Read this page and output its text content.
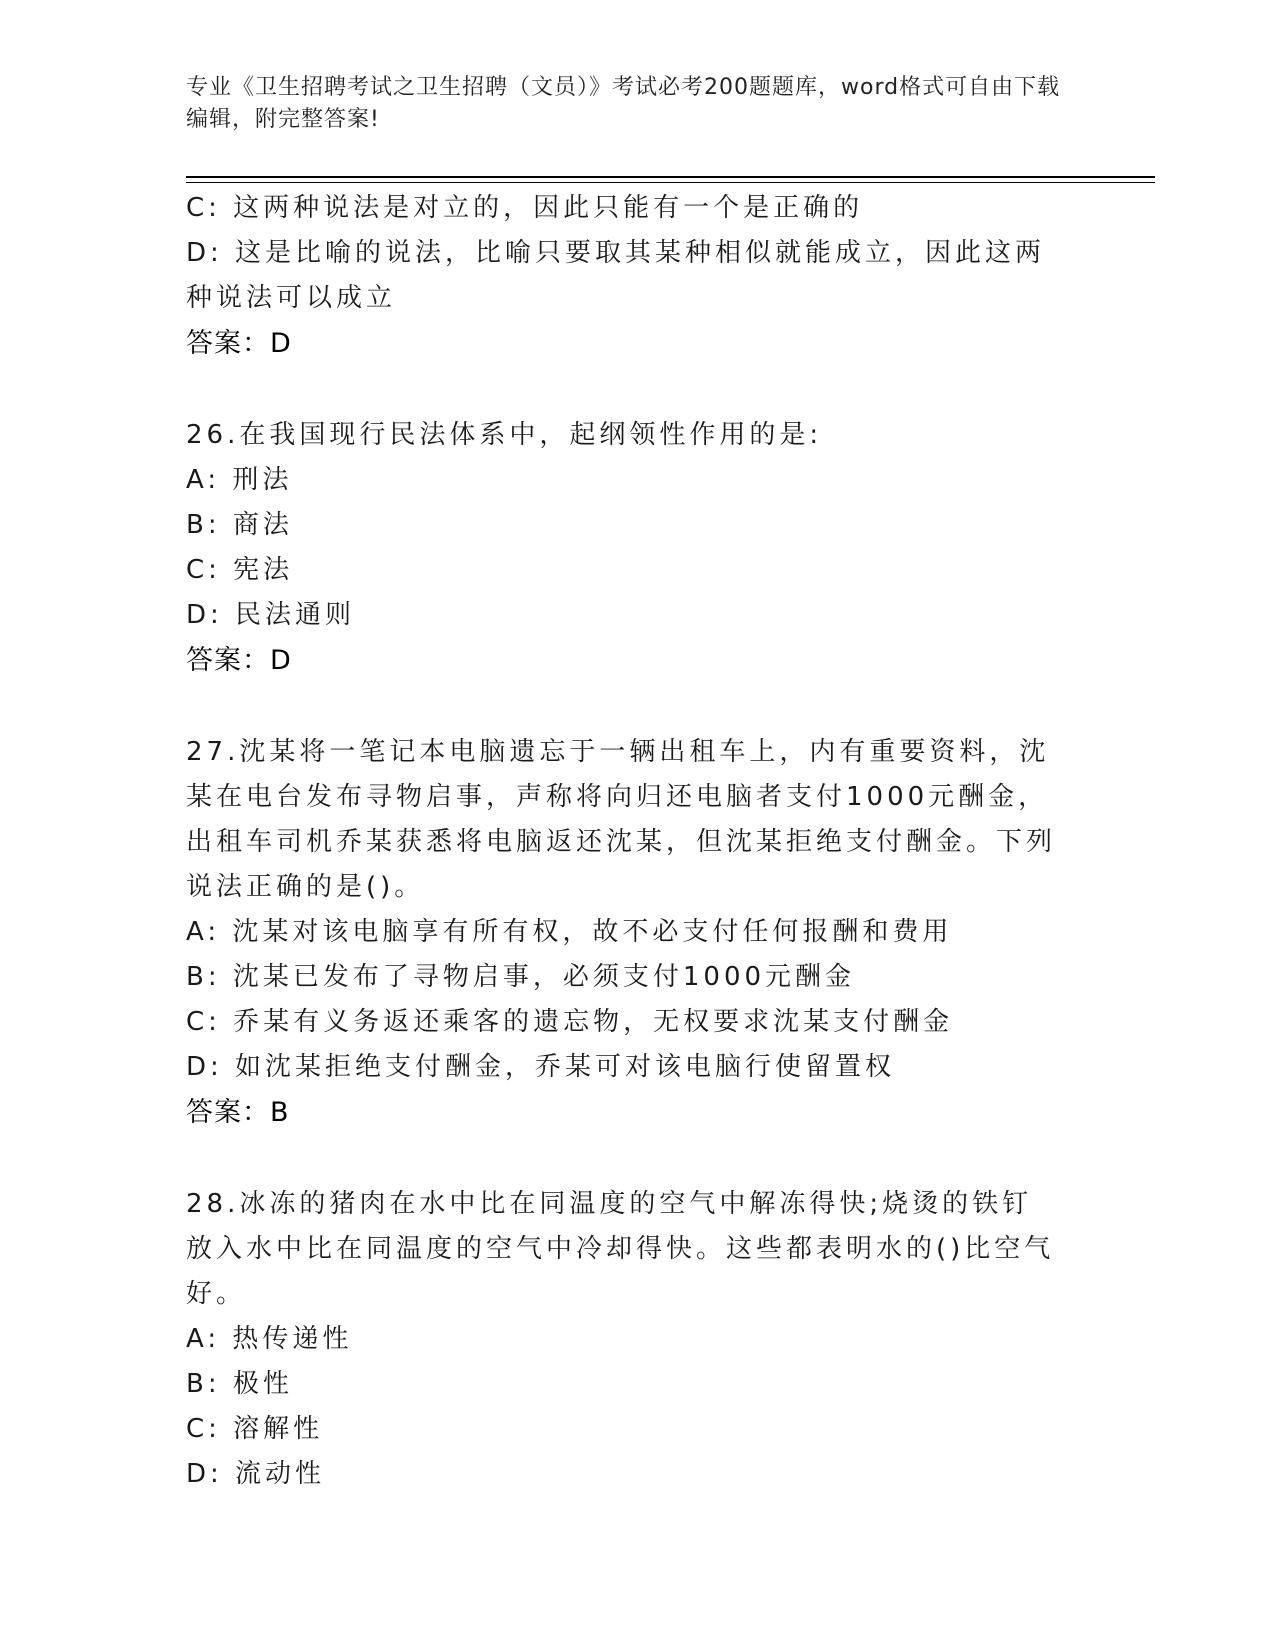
专业《卫生招聘考试之卫生招聘（文员）》考试必考200题题库，word格式可自由下载编辑，附完整答案!
C: 这两种说法是对立的，因此只能有一个是正确的
D: 这是比喻的说法，比喻只要取其某种相似就能成立，因此这两种说法可以成立
答案：D
26.在我国现行民法体系中，起纲领性作用的是:
A: 刑法
B: 商法
C: 宪法
D: 民法通则
答案：D
27.沈某将一笔记本电脑遗忘于一辆出租车上，内有重要资料，沈某在电台发布寻物启事，声称将向归还电脑者支付1000元酬金，出租车司机乔某获悉将电脑返还沈某，但沈某拒绝支付酬金。下列说法正确的是()。
A: 沈某对该电脑享有所有权，故不必支付任何报酬和费用
B: 沈某已发布了寻物启事，必须支付1000元酬金
C: 乔某有义务返还乘客的遗忘物，无权要求沈某支付酬金
D: 如沈某拒绝支付酬金，乔某可对该电脑行使留置权
答案：B
28.冰冻的猪肉在水中比在同温度的空气中解冻得快;烧烫的铁钉放入水中比在同温度的空气中冷却得快。这些都表明水的()比空气好。
A: 热传递性
B: 极性
C: 溶解性
D: 流动性
